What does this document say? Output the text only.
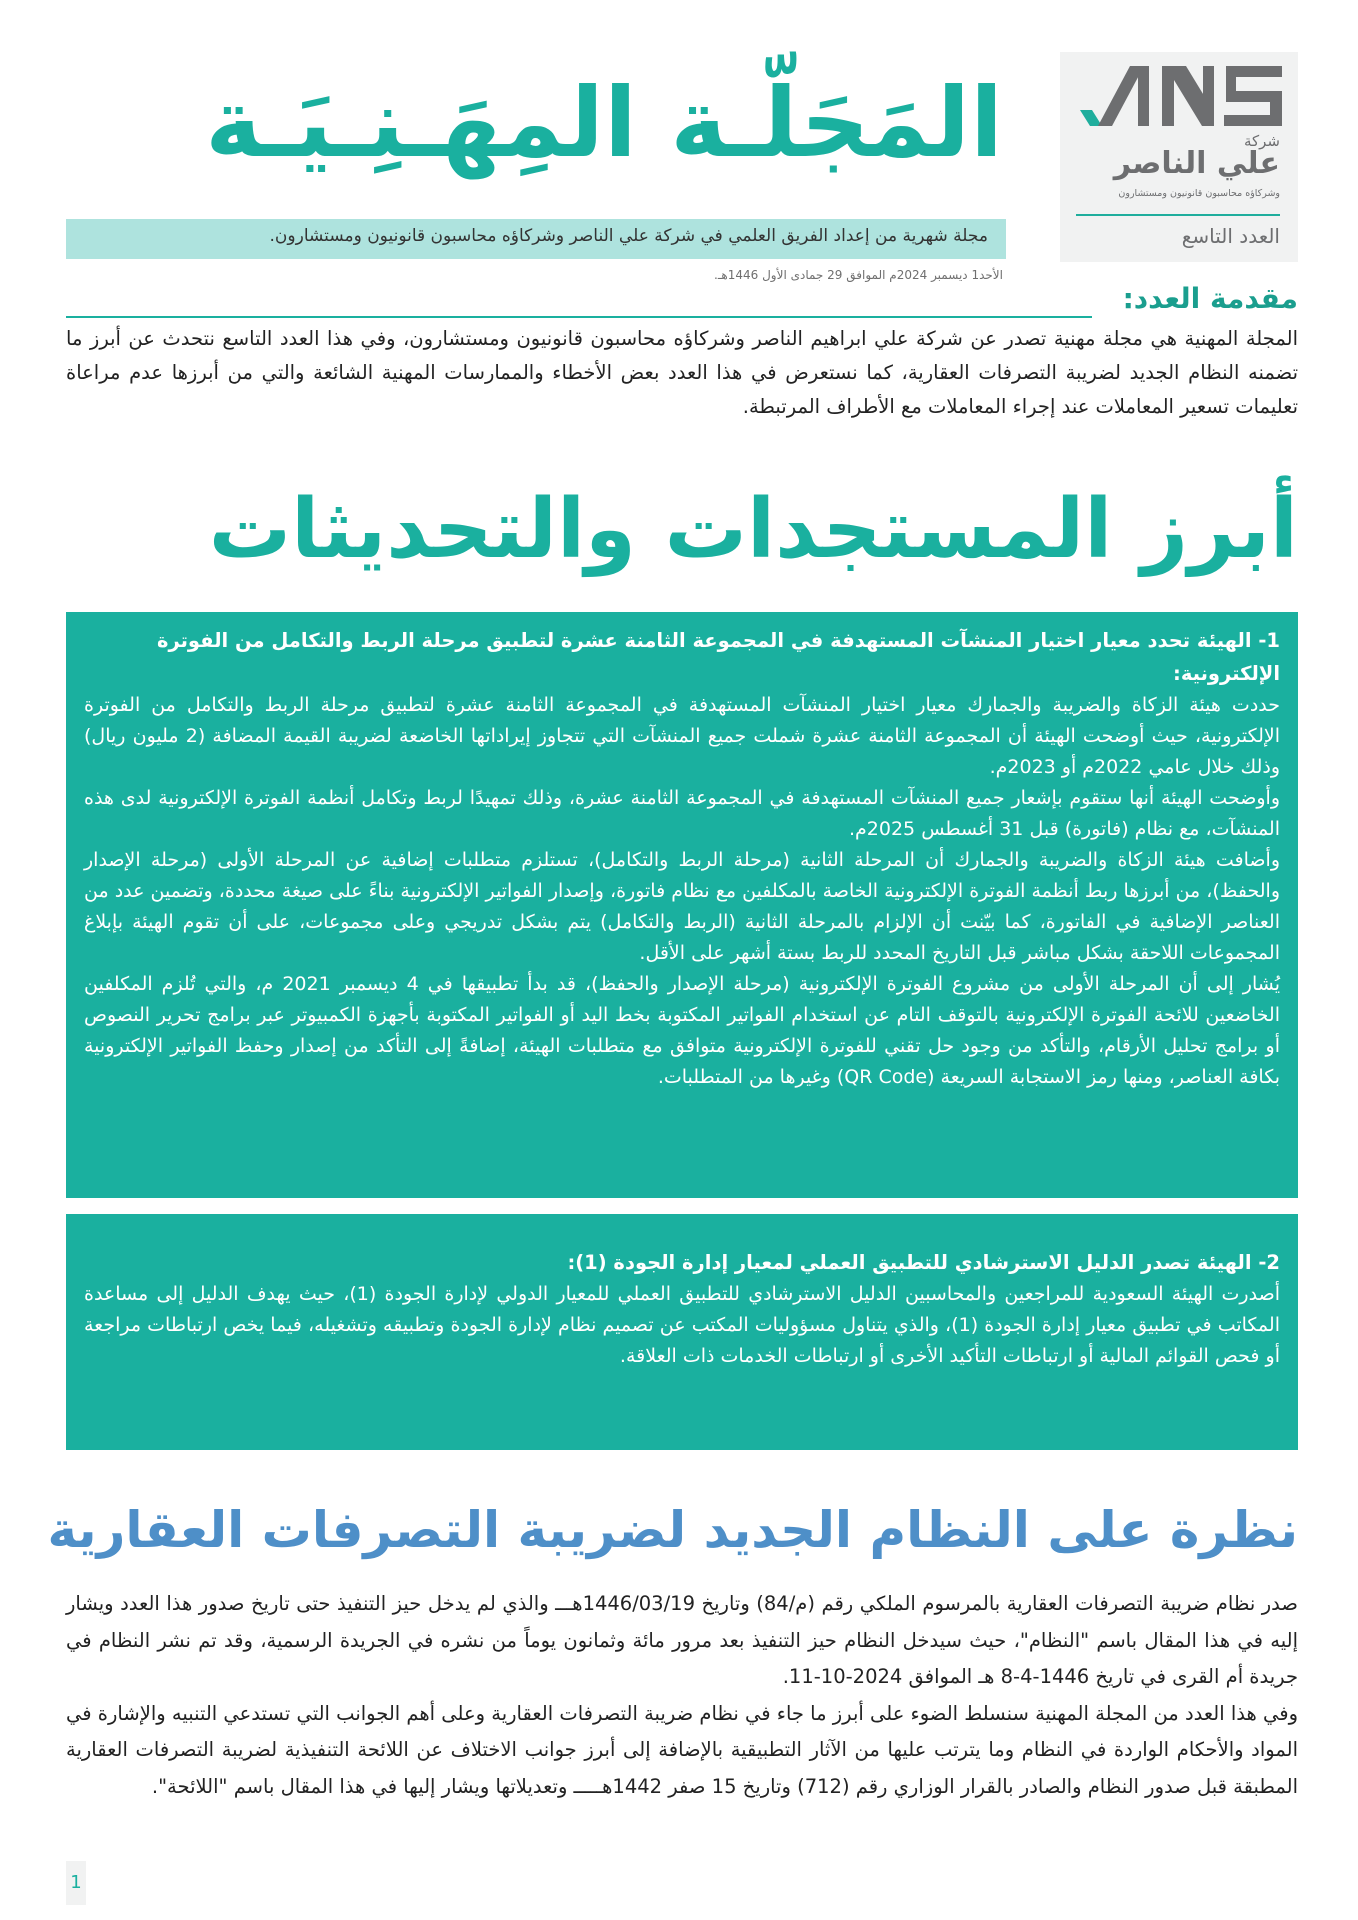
شركة
علي الناصر
وشركاؤه محاسبون قانونيون ومستشارون
العدد التاسع
المَجَلّـة المِهَـنِـيَـة
مجلة شهرية من إعداد الفريق العلمي في شركة علي الناصر وشركاؤه محاسبون قانونيون ومستشارون.
الأحد1 ديسمبر 2024م الموافق 29 جمادى الأول 1446هـ.
مقدمة العدد:
المجلة المهنية هي مجلة مهنية تصدر عن شركة علي ابراهيم الناصر وشركاؤه محاسبون قانونيون ومستشارون، وفي هذا العدد التاسع نتحدث عن أبرز ما تضمنه النظام الجديد لضريبة التصرفات العقارية، كما نستعرض في هذا العدد بعض الأخطاء والممارسات المهنية الشائعة والتي من أبرزها عدم مراعاة تعليمات تسعير المعاملات عند إجراء المعاملات مع الأطراف المرتبطة.
أبرز المستجدات والتحديثات
1- الهيئة تحدد معيار اختيار المنشآت المستهدفة في المجموعة الثامنة عشرة لتطبيق مرحلة الربط والتكامل من الفوترة الإلكترونية:

حددت هيئة الزكاة والضريبة والجمارك معيار اختيار المنشآت المستهدفة في المجموعة الثامنة عشرة لتطبيق مرحلة الربط والتكامل من الفوترة الإلكترونية، حيث أوضحت الهيئة أن المجموعة الثامنة عشرة شملت جميع المنشآت التي تتجاوز إيراداتها الخاضعة لضريبة القيمة المضافة (2 مليون ريال) وذلك خلال عامي 2022م أو 2023م.

وأوضحت الهيئة أنها ستقوم بإشعار جميع المنشآت المستهدفة في المجموعة الثامنة عشرة، وذلك تمهيدًا لربط وتكامل أنظمة الفوترة الإلكترونية لدى هذه المنشآت، مع نظام (فاتورة) قبل 31 أغسطس 2025م.

وأضافت هيئة الزكاة والضريبة والجمارك أن المرحلة الثانية (مرحلة الربط والتكامل)، تستلزم متطلبات إضافية عن المرحلة الأولى (مرحلة الإصدار والحفظ)، من أبرزها ربط أنظمة الفوترة الإلكترونية الخاصة بالمكلفين مع نظام فاتورة، وإصدار الفواتير الإلكترونية بناءً على صيغة محددة، وتضمين عدد من العناصر الإضافية في الفاتورة، كما بيّنت أن الإلزام بالمرحلة الثانية (الربط والتكامل) يتم بشكل تدريجي وعلى مجموعات، على أن تقوم الهيئة بإبلاغ المجموعات اللاحقة بشكل مباشر قبل التاريخ المحدد للربط بستة أشهر على الأقل.

يُشار إلى أن المرحلة الأولى من مشروع الفوترة الإلكترونية (مرحلة الإصدار والحفظ)، قد بدأ تطبيقها في 4 ديسمبر 2021 م، والتي تُلزم المكلفين الخاضعين للائحة الفوترة الإلكترونية بالتوقف التام عن استخدام الفواتير المكتوبة بخط اليد أو الفواتير المكتوبة بأجهزة الكمبيوتر عبر برامج تحرير النصوص أو برامج تحليل الأرقام، والتأكد من وجود حل تقني للفوترة الإلكترونية متوافق مع متطلبات الهيئة، إضافةً إلى التأكد من إصدار وحفظ الفواتير الإلكترونية بكافة العناصر، ومنها رمز الاستجابة السريعة (QR Code) وغيرها من المتطلبات.

2- الهيئة تصدر الدليل الاسترشادي للتطبيق العملي لمعيار إدارة الجودة (1):

أصدرت الهيئة السعودية للمراجعين والمحاسبين الدليل الاسترشادي للتطبيق العملي للمعيار الدولي لإدارة الجودة (1)، حيث يهدف الدليل إلى مساعدة المكاتب في تطبيق معيار إدارة الجودة (1)، والذي يتناول مسؤوليات المكتب عن تصميم نظام لإدارة الجودة وتطبيقه وتشغيله، فيما يخص ارتباطات مراجعة أو فحص القوائم المالية أو ارتباطات التأكيد الأخرى أو ارتباطات الخدمات ذات العلاقة.

نظرة على النظام الجديد لضريبة التصرفات العقارية

صدر نظام ضريبة التصرفات العقارية بالمرسوم الملكي رقم (م/84) وتاريخ 1446/03/19هـــ والذي لم يدخل حيز التنفيذ حتى تاريخ صدور هذا العدد ويشار إليه في هذا المقال باسم "النظام"، حيث سيدخل النظام حيز التنفيذ بعد مرور مائة وثمانون يوماً من نشره في الجريدة الرسمية، وقد تم نشر النظام في جريدة أم القرى في تاريخ 1446-4-8 هـ الموافق 2024-10-11.

وفي هذا العدد من المجلة المهنية سنسلط الضوء على أبرز ما جاء في نظام ضريبة التصرفات العقارية وعلى أهم الجوانب التي تستدعي التنبيه والإشارة في المواد والأحكام الواردة في النظام وما يترتب عليها من الآثار التطبيقية بالإضافة إلى أبرز جوانب الاختلاف عن اللائحة التنفيذية لضريبة التصرفات العقارية المطبقة قبل صدور النظام والصادر بالقرار الوزاري رقم (712) وتاريخ 15 صفر 1442هـــــ وتعديلاتها ويشار إليها في هذا المقال باسم "اللائحة".

1
